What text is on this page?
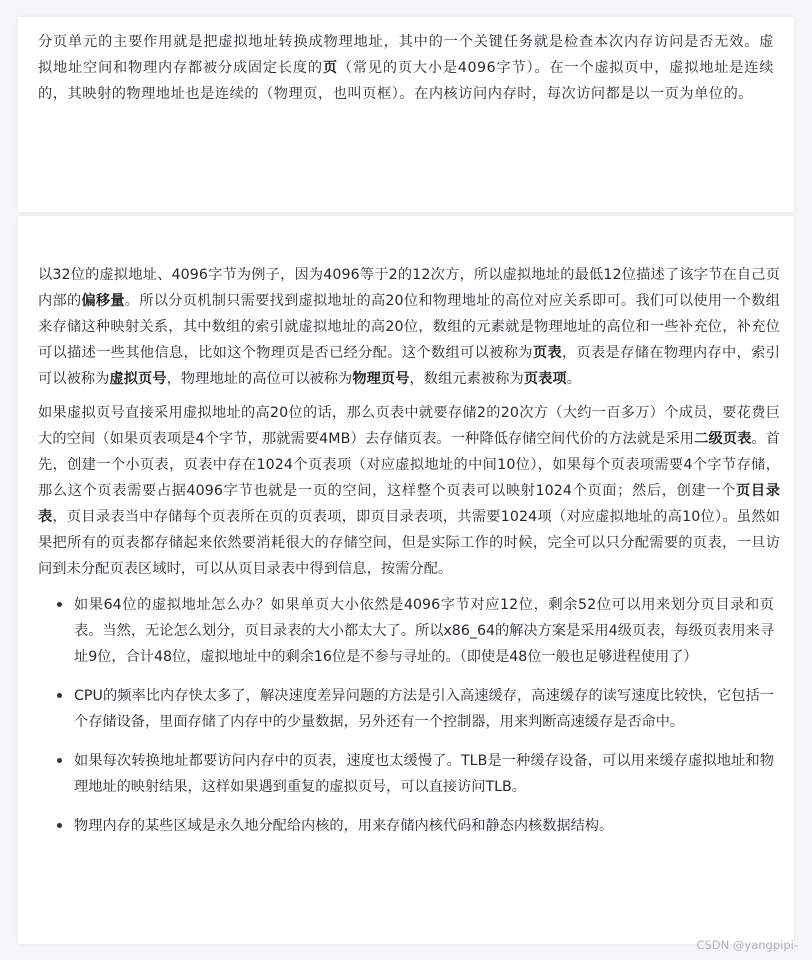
分页单元的主要作用就是把虚拟地址转换成物理地址，其中的一个关键任务就是检查本次内存访问是否无效。虚拟地址空间和物理内存都被分成固定长度的页（常见的页大小是4096字节）。在一个虚拟页中，虚拟地址是连续的，其映射的物理地址也是连续的（物理页，也叫页框）。在内核访问内存时，每次访问都是以一页为单位的。

以32位的虚拟地址、4096字节为例子，因为4096等于2的12次方，所以虚拟地址的最低12位描述了该字节在自己页内部的偏移量。所以分页机制只需要找到虚拟地址的高20位和物理地址的高位对应关系即可。我们可以使用一个数组来存储这种映射关系，其中数组的索引就虚拟地址的高20位，数组的元素就是物理地址的高位和一些补充位，补充位可以描述一些其他信息，比如这个物理页是否已经分配。这个数组可以被称为页表，页表是存储在物理内存中，索引可以被称为虚拟页号，物理地址的高位可以被称为物理页号，数组元素被称为页表项。

如果虚拟页号直接采用虚拟地址的高20位的话，那么页表中就要存储2的20次方（大约一百多万）个成员，要花费巨大的空间（如果页表项是4个字节，那就需要4MB）去存储页表。一种降低存储空间代价的方法就是采用二级页表。首先，创建一个小页表，页表中存在1024个页表项（对应虚拟地址的中间10位），如果每个页表项需要4个字节存储，那么这个页表需要占据4096字节也就是一页的空间，这样整个页表可以映射1024个页面；然后，创建一个页目录表，页目录表当中存储每个页表所在页的页表项，即页目录表项，共需要1024项（对应虚拟地址的高10位）。虽然如果把所有的页表都存储起来依然要消耗很大的存储空间，但是实际工作的时候，完全可以只分配需要的页表，一旦访问到未分配页表区域时，可以从页目录表中得到信息，按需分配。

如果64位的虚拟地址怎么办？如果单页大小依然是4096字节对应12位，剩余52位可以用来划分页目录和页表。当然，无论怎么划分，页目录表的大小都太大了。所以x86_64的解决方案是采用4级页表，每级页表用来寻址9位，合计48位，虚拟地址中的剩余16位是不参与寻址的。（即使是48位一般也足够进程使用了）
CPU的频率比内存快太多了，解决速度差异问题的方法是引入高速缓存，高速缓存的读写速度比较快，它包括一个存储设备，里面存储了内存中的少量数据，另外还有一个控制器，用来判断高速缓存是否命中。
如果每次转换地址都要访问内存中的页表，速度也太缓慢了。TLB是一种缓存设备，可以用来缓存虚拟地址和物理地址的映射结果，这样如果遇到重复的虚拟页号，可以直接访问TLB。
物理内存的某些区域是永久地分配给内核的，用来存储内核代码和静态内核数据结构。
CSDN @yangpipi-
